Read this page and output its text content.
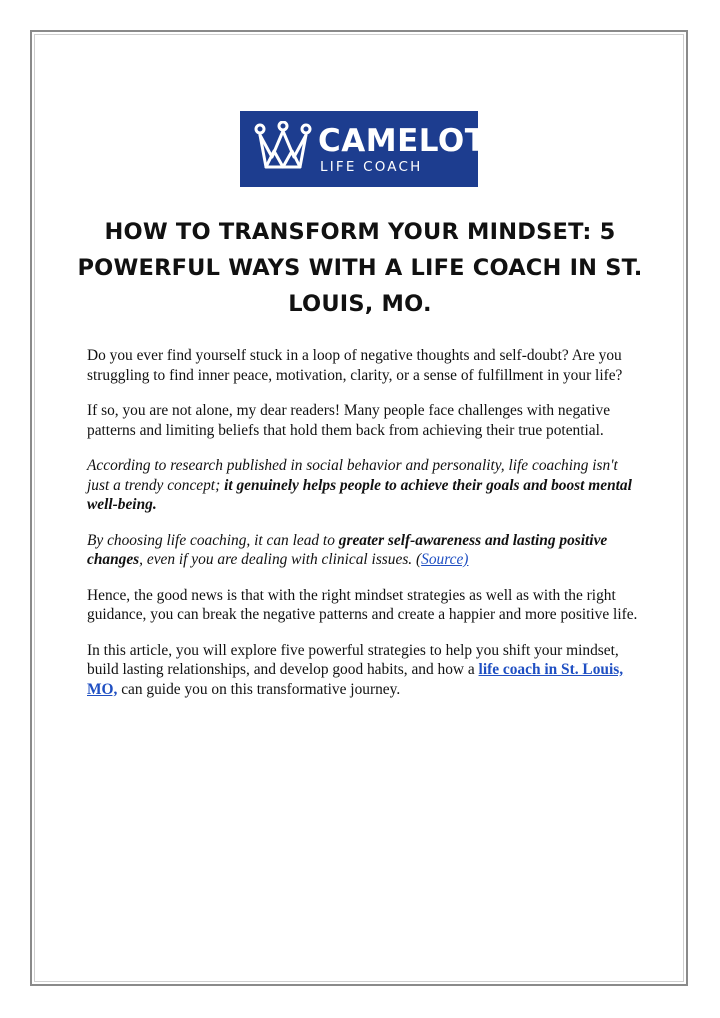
CAMELOT
LIFE COACH
HOW TO TRANSFORM YOUR MINDSET: 5 POWERFUL WAYS WITH A LIFE COACH IN ST. LOUIS, MO.

Do you ever find yourself stuck in a loop of negative thoughts and self-doubt? Are you struggling to find inner peace, motivation, clarity, or a sense of fulfillment in your life?

If so, you are not alone, my dear readers! Many people face challenges with negative patterns and limiting beliefs that hold them back from achieving their true potential.

According to research published in social behavior and personality, life coaching isn't just a trendy concept; it genuinely helps people to achieve their goals and boost mental well-being.

By choosing life coaching, it can lead to greater self-awareness and lasting positive changes, even if you are dealing with clinical issues. (Source)

Hence, the good news is that with the right mindset strategies as well as with the right guidance, you can break the negative patterns and create a happier and more positive life.

In this article, you will explore five powerful strategies to help you shift your mindset, build lasting relationships, and develop good habits, and how a life coach in St. Louis, MO, can guide you on this transformative journey.
